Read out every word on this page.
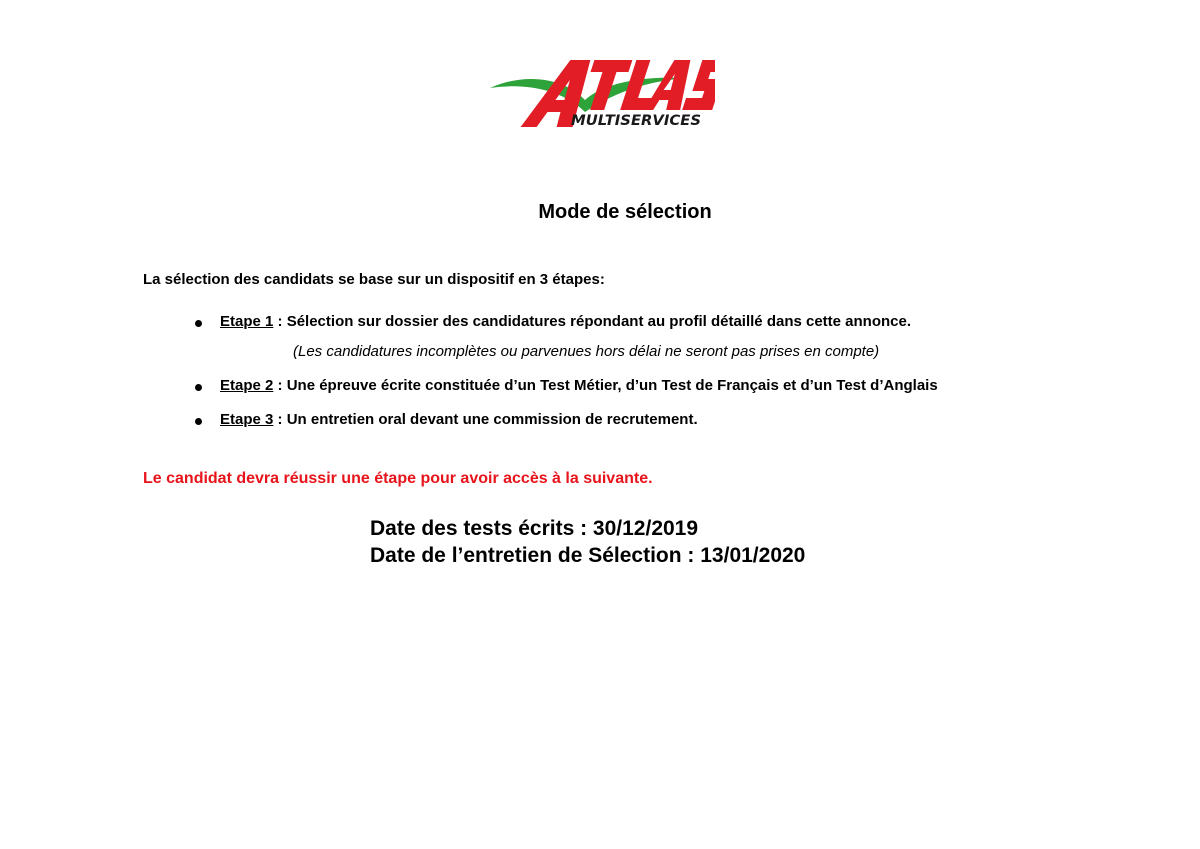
MULTISERVICES
Mode de sélection

La sélection des candidats se base sur un dispositif en 3 étapes:

Etape 1 : Sélection sur dossier des candidatures répondant au profil détaillé dans cette annonce.
(Les candidatures incomplètes ou parvenues hors délai ne seront pas prises en compte)
Etape 2 : Une épreuve écrite constituée d’un Test Métier, d’un Test de Français et d’un Test d’Anglais
Etape 3 : Un entretien oral devant une commission de recrutement.

Le candidat devra réussir une étape pour avoir accès à la suivante.

Date des tests écrits : 30/12/2019
Date de l’entretien de Sélection : 13/01/2020
